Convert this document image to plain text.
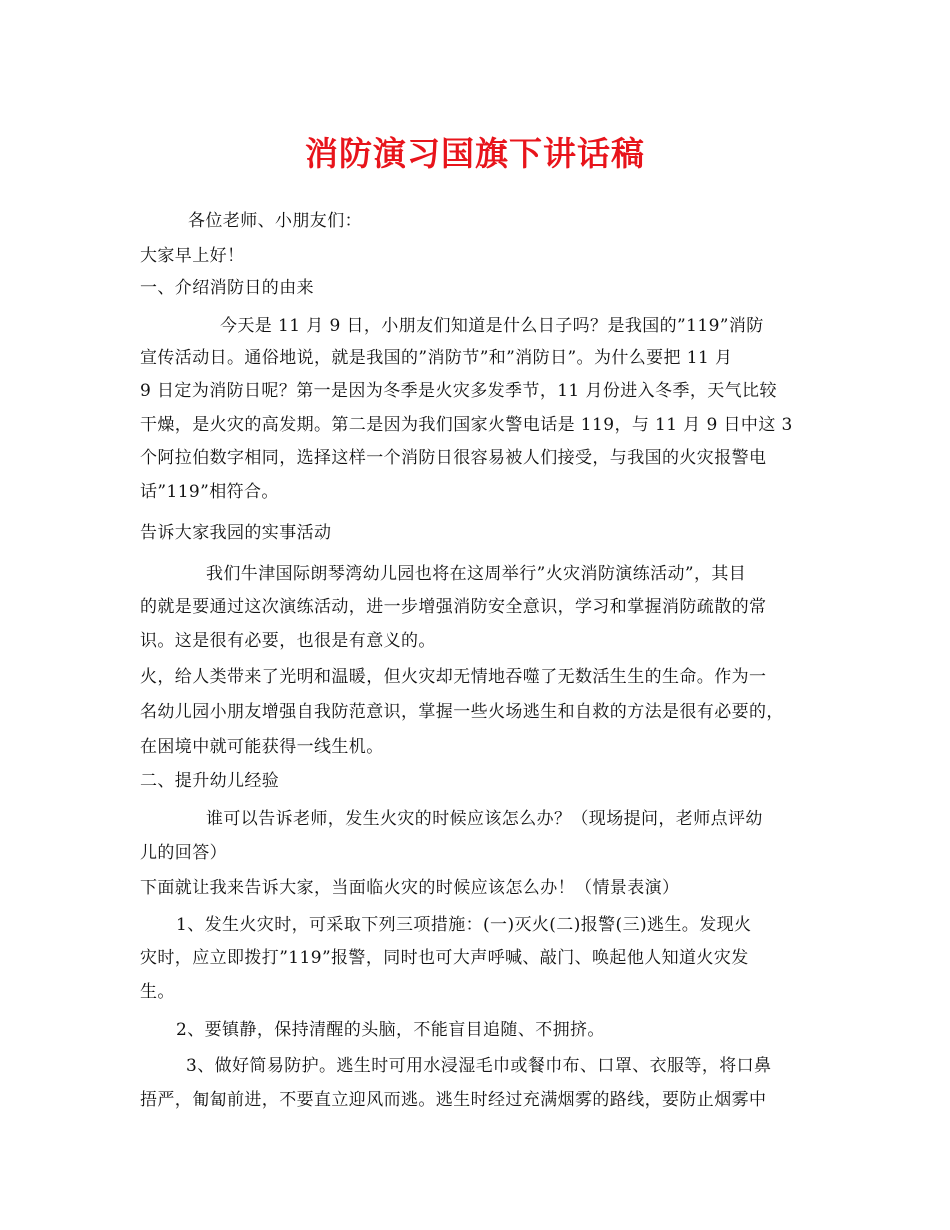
消防演习国旗下讲话稿
各位老师、小朋友们：
大家早上好！
一、介绍消防日的由来
今天是 11 月 9 日，小朋友们知道是什么日子吗？是我国的”119”消防
宣传活动日。通俗地说，就是我国的”消防节”和”消防日”。为什么要把 11 月
9 日定为消防日呢？第一是因为冬季是火灾多发季节，11 月份进入冬季，天气比较
干燥，是火灾的高发期。第二是因为我们国家火警电话是 119，与 11 月 9 日中这 3
个阿拉伯数字相同，选择这样一个消防日很容易被人们接受，与我国的火灾报警电
话”119”相符合。
告诉大家我园的实事活动
我们牛津国际朗琴湾幼儿园也将在这周举行”火灾消防演练活动”，其目
的就是要通过这次演练活动，进一步增强消防安全意识，学习和掌握消防疏散的常
识。这是很有必要，也很是有意义的。
火，给人类带来了光明和温暖，但火灾却无情地吞噬了无数活生生的生命。作为一
名幼儿园小朋友增强自我防范意识，掌握一些火场逃生和自救的方法是很有必要的，
在困境中就可能获得一线生机。
二、提升幼儿经验
谁可以告诉老师，发生火灾的时候应该怎么办？（现场提问，老师点评幼
儿的回答）
下面就让我来告诉大家，当面临火灾的时候应该怎么办！（情景表演）
1、发生火灾时，可采取下列三项措施：(一)灭火(二)报警(三)逃生。发现火
灾时，应立即拨打”119”报警，同时也可大声呼喊、敲门、唤起他人知道火灾发
生。
2、要镇静，保持清醒的头脑，不能盲目追随、不拥挤。
3、做好简易防护。逃生时可用水浸湿毛巾或餐巾布、口罩、衣服等，将口鼻
捂严，匍匐前进，不要直立迎风而逃。逃生时经过充满烟雾的路线，要防止烟雾中
